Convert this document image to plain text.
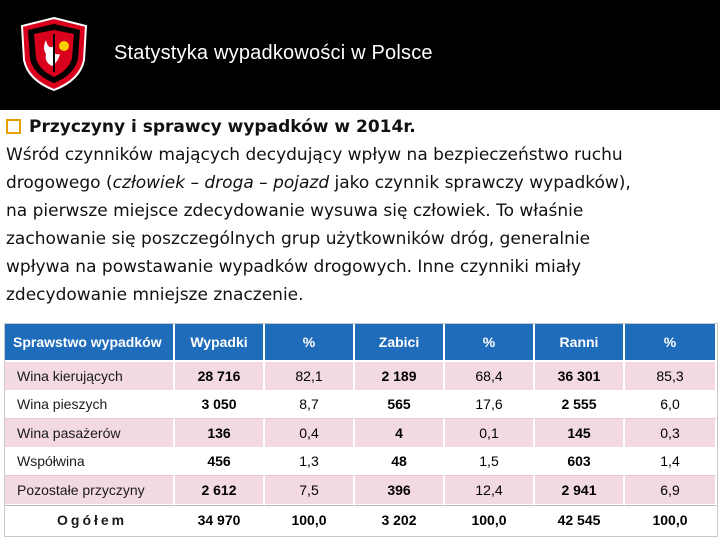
Statystyka wypadkowości w Polsce
Przyczyny i sprawcy wypadków w 2014r.
Wśród czynników mających decydujący wpływ na bezpieczeństwo ruchu
drogowego (człowiek – droga – pojazd jako czynnik sprawczy wypadków),
na pierwsze miejsce zdecydowanie wysuwa się człowiek. To właśnie
zachowanie się poszczególnych grup użytkowników dróg, generalnie
wpływa na powstawanie wypadków drogowych. Inne czynniki miały
zdecydowanie mniejsze znaczenie.
Sprawstwo wypadków	Wypadki	%	Zabici	%	Ranni	%
Wina kierujących	28 716	82,1	2 189	68,4	36 301	85,3
Wina pieszych	3 050	8,7	565	17,6	2 555	6,0
Wina pasażerów	136	0,4	4	0,1	145	0,3
Współwina	456	1,3	48	1,5	603	1,4
Pozostałe przyczyny	2 612	7,5	396	12,4	2 941	6,9
Ogółem	34 970	100,0	3 202	100,0	42 545	100,0
